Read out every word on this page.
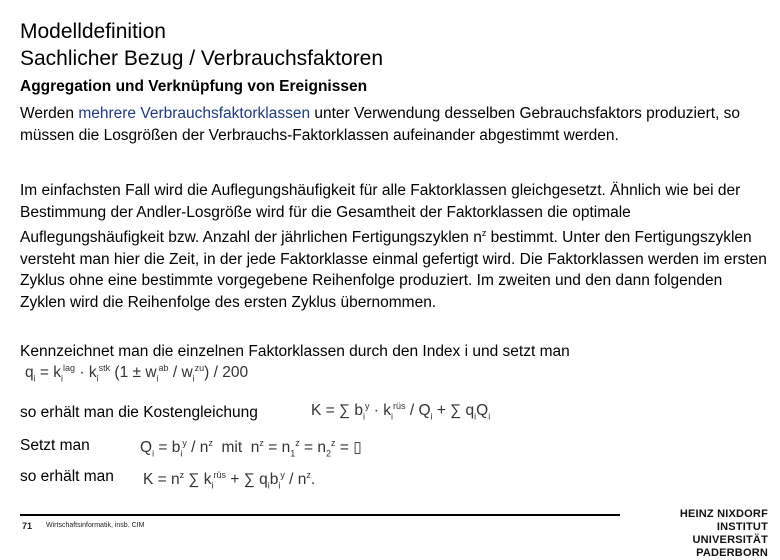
Modelldefinition
Sachlicher Bezug / Verbrauchsfaktoren
Aggregation und Verknüpfung von Ereignissen
Werden mehrere Verbrauchsfaktorklassen unter Verwendung desselben Gebrauchsfaktors produziert, so müssen die Losgrößen der Verbrauchs-Faktorklassen aufeinander abgestimmt werden.
Im einfachsten Fall wird die Auflegungshäufigkeit für alle Faktorklassen gleichgesetzt. Ähnlich wie bei der Bestimmung der Andler-Losgröße wird für die Gesamtheit der Faktorklassen die optimale Auflegungshäufigkeit bzw. Anzahl der jährlichen Fertigungszyklen $n^z$ bestimmt. Unter den Fertigungszyklen versteht man hier die Zeit, in der jede Faktorklasse einmal gefertigt wird. Die Faktorklassen werden im ersten Zyklus ohne eine bestimmte vorgegebene Reihenfolge produziert. Im zweiten und den dann folgenden Zyklen wird die Reihenfolge des ersten Zyklus übernommen.
Kennzeichnet man die einzelnen Faktorklassen durch den Index i und setzt man
$q_i = k_i^{lag} \cdot k_i^{stk}$ $(1 \pm w_i^{ab} / w_i^{zu}) / 200$
so erhält man die Kostengleichung	K = ∑ $b_i^y \cdot k_i^{rüs} / Q_i$ + ∑ $q_iQ_i$
Setzt man	$Q_i = b_i^y / n^z$  mit  $n^z = n_1^z = n_2^z$ = ▯
so erhält man $K = n^z$ ∑ $k_i^{rüs}$ + ∑ $q_ib_i^y / n^z$.
71 Wirtschaftsinformatik, insb. CIM
HEINZ NIXDORF INSTITUT
UNIVERSITÄT PADERBORN
